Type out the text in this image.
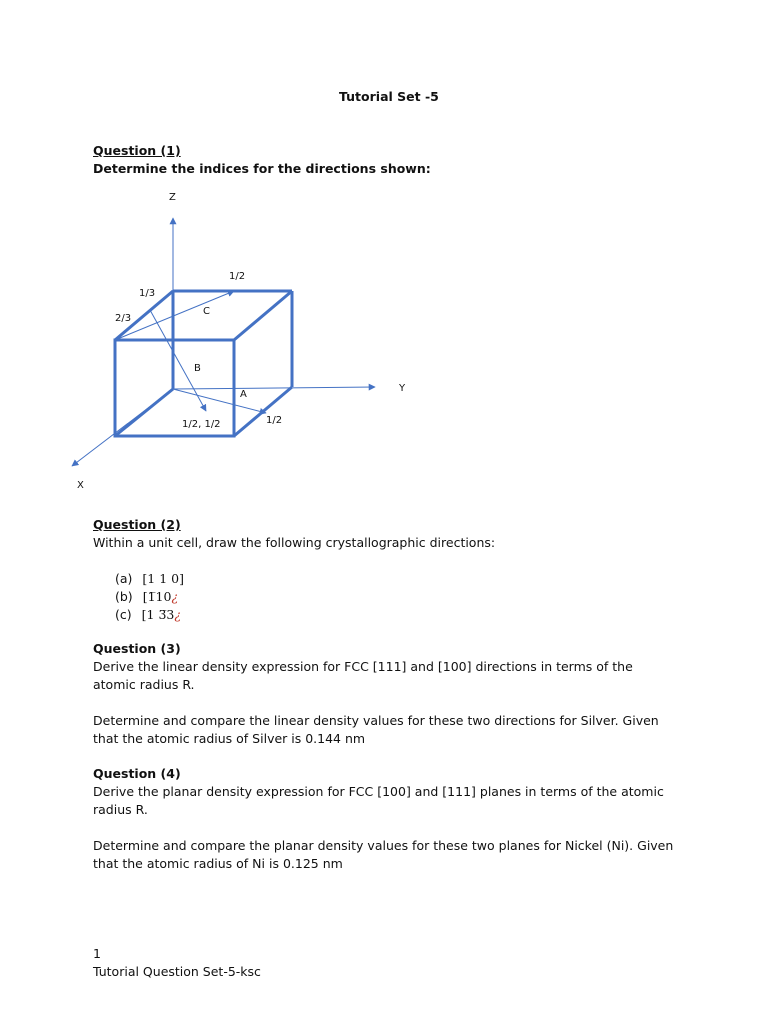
Tutorial Set -5
Question (1)
Determine the indices for the directions shown:
Z
Y
X
1/2
1/3
2/3
C
B
A
1/2, 1/2	1/2
Question (2)
Within a unit cell, draw the following crystallographic directions:
(a) [1 1 0]
(b) [1̅10¿
(c) [1 3̅3¿
Question (3)
Derive the linear density expression for FCC [111] and [100] directions in terms of the
atomic radius R.
Determine and compare the linear density values for these two directions for Silver. Given
that the atomic radius of Silver is 0.144 nm
Question (4)
Derive the planar density expression for FCC [100] and [111] planes in terms of the atomic
radius R.
Determine and compare the planar density values for these two planes for Nickel (Ni). Given
that the atomic radius of Ni is 0.125 nm
1
Tutorial Question Set-5-ksc
